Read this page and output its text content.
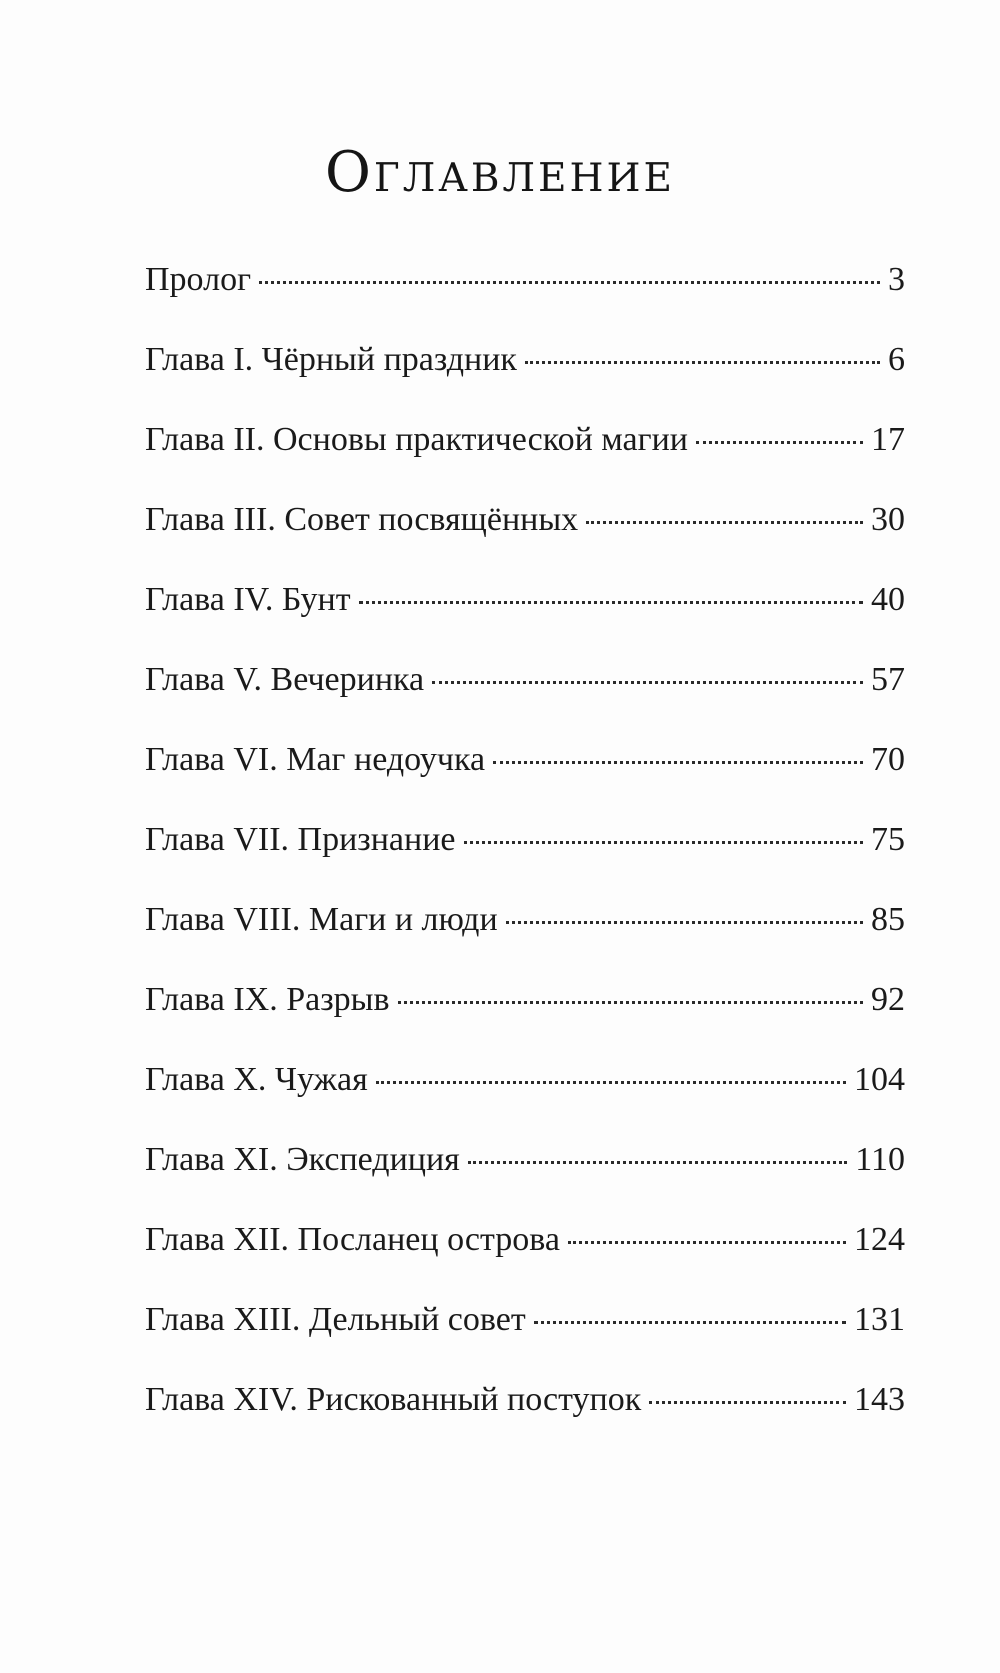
Оглавление
Пролог	3
Глава I. Чёрный праздник	6
Глава II. Основы практической магии	17
Глава III. Совет посвящённых	30
Глава IV. Бунт	40
Глава V. Вечеринка	57
Глава VI. Маг недоучка	70
Глава VII. Признание	75
Глава VIII. Маги и люди	85
Глава IX. Разрыв	92
Глава X. Чужая	104
Глава XI. Экспедиция	110
Глава XII. Посланец острова	124
Глава XIII. Дельный совет	131
Глава XIV. Рискованный поступок	143
